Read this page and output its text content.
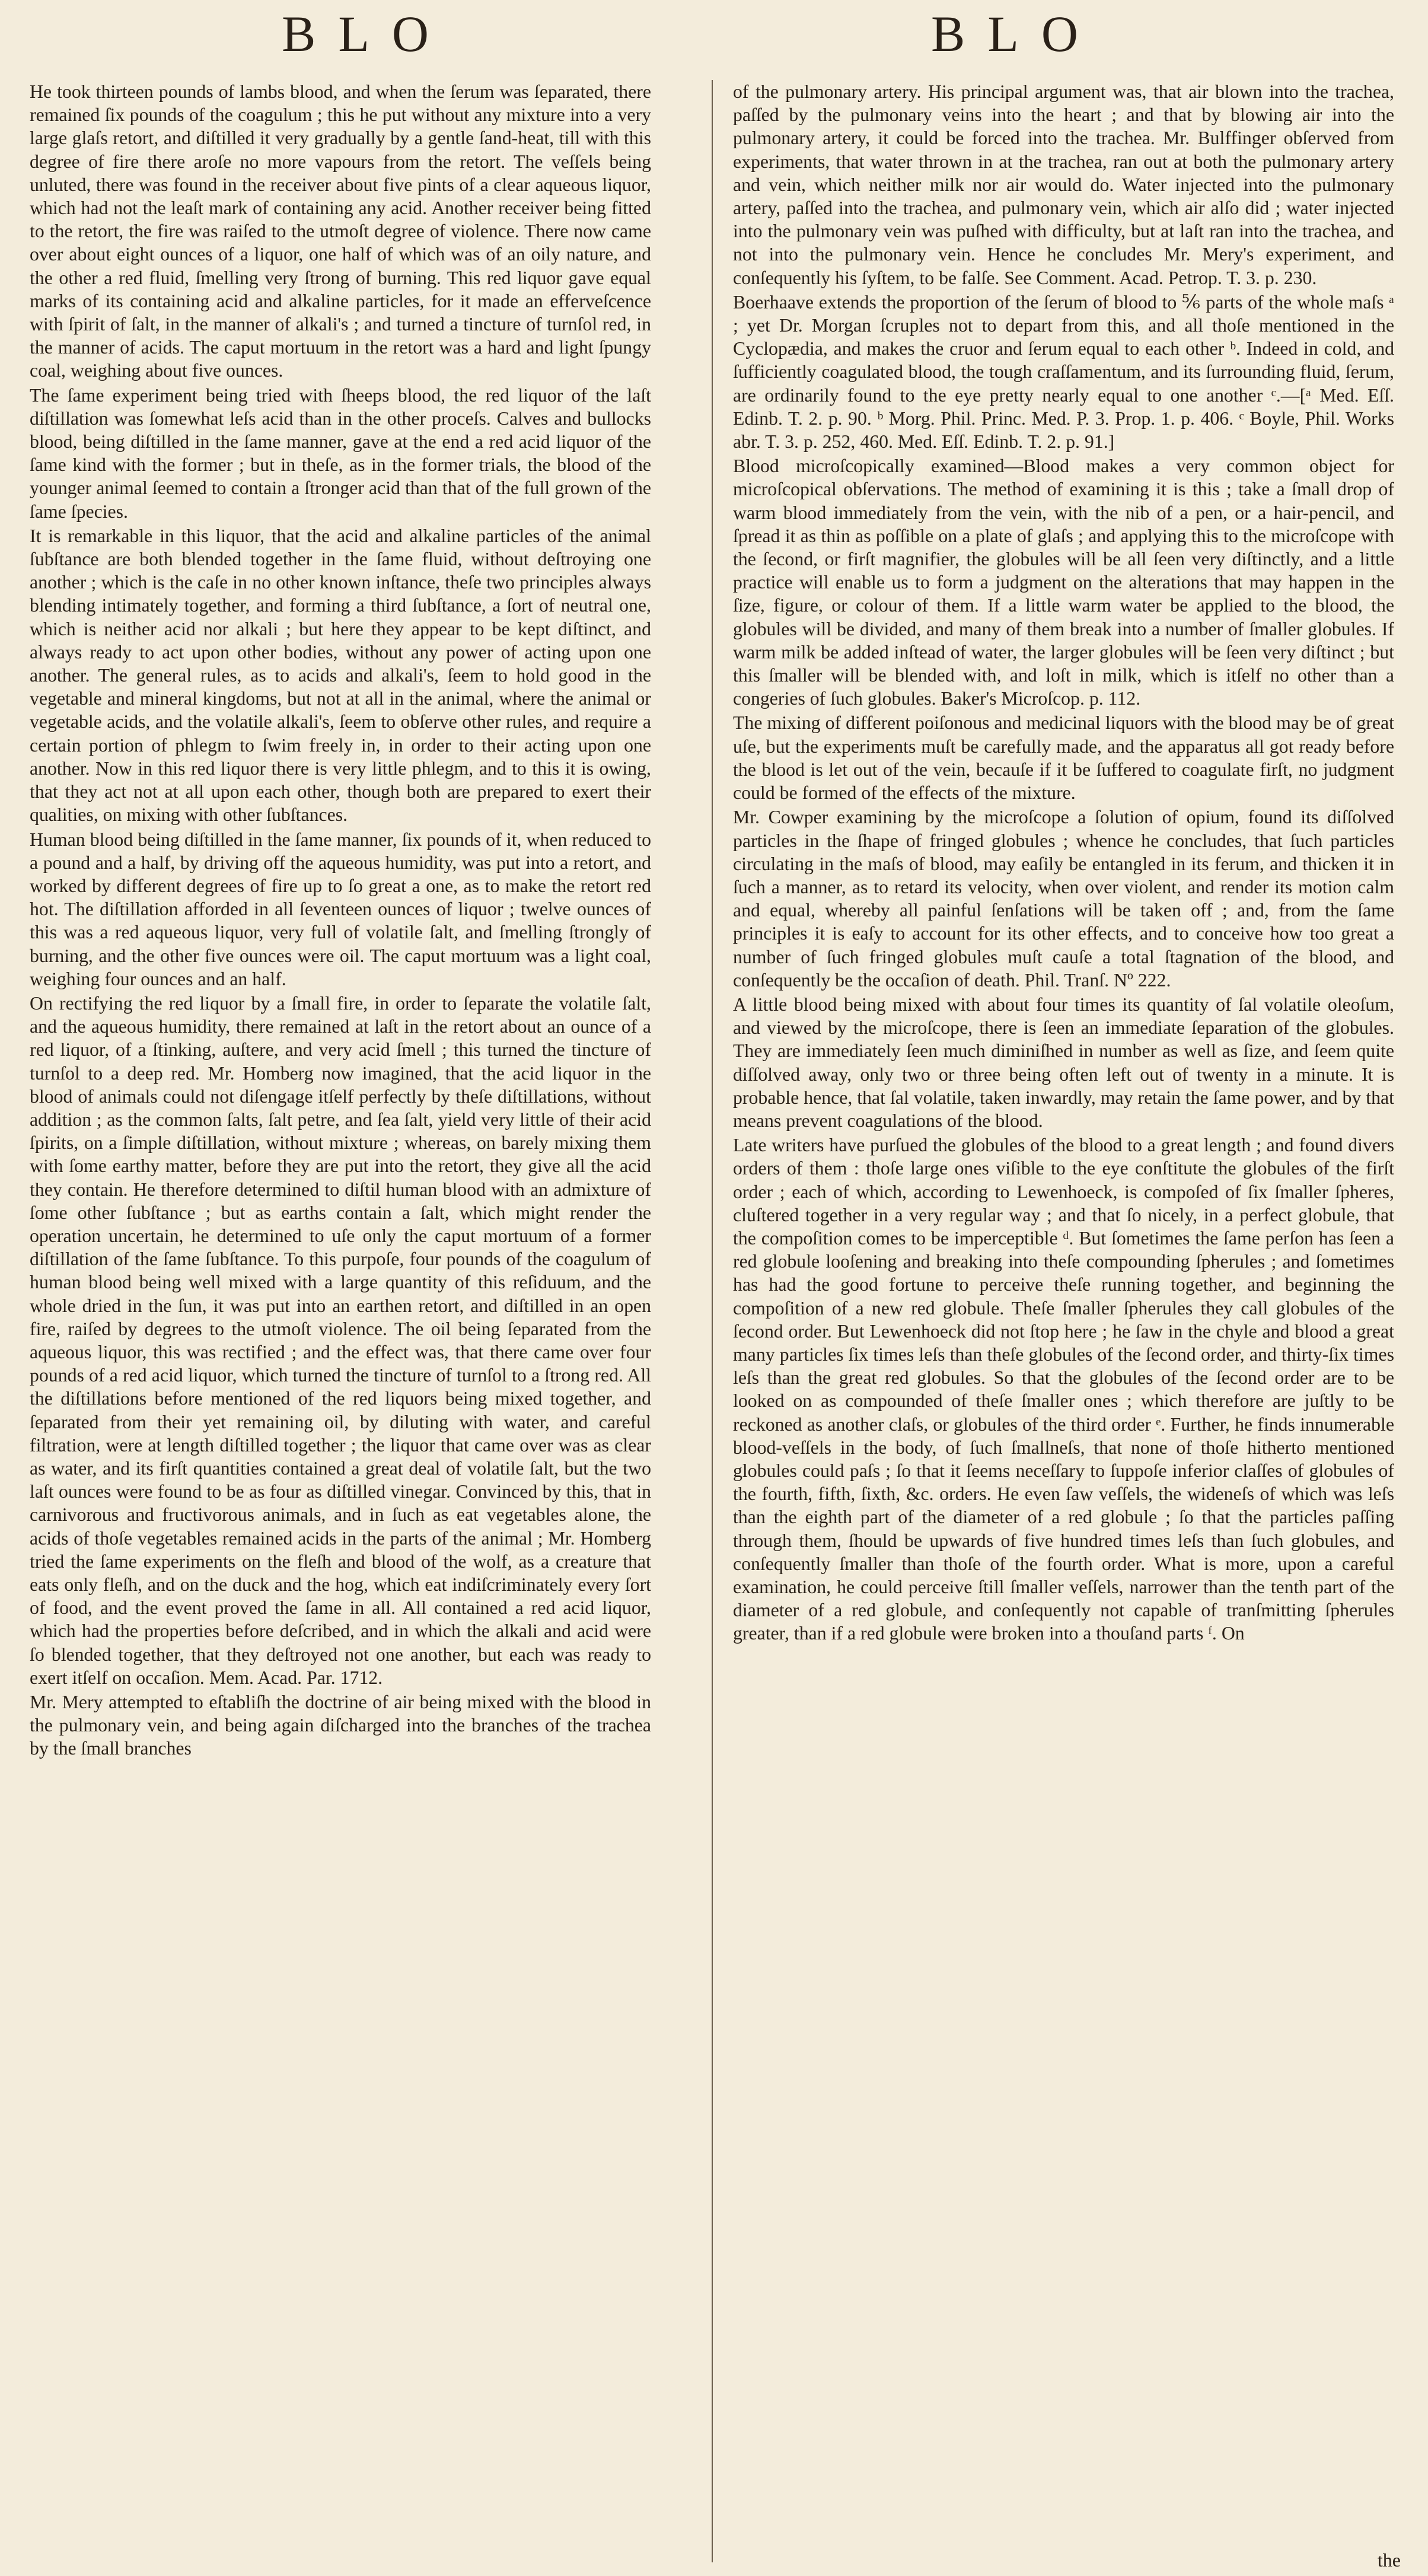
BLO	BLO

He took thirteen pounds of lambs blood, and when the ſerum was ſeparated, there remained ſix pounds of the coagulum ; this he put without any mixture into a very large glaſs retort, and diſtilled it very gradually by a gentle ſand-heat, till with this degree of fire there aroſe no more vapours from the retort. The veſſels being unluted, there was found in the receiver about five pints of a clear aqueous liquor, which had not the leaſt mark of containing any acid. Another receiver being fitted to the retort, the fire was raiſed to the utmoſt degree of violence. There now came over about eight ounces of a liquor, one half of which was of an oily nature, and the other a red fluid, ſmelling very ſtrong of burning. This red liquor gave equal marks of its containing acid and alkaline particles, for it made an effervеſcence with ſpirit of ſalt, in the manner of alkali's ; and turned a tincture of turnſol red, in the manner of acids. The caput mortuum in the retort was a hard and light ſpungy coal, weighing about five ounces.

The ſame experiment being tried with ſheeps blood, the red liquor of the laſt diſtillation was ſomewhat leſs acid than in the other proceſs. Calves and bullocks blood, being diſtilled in the ſame manner, gave at the end a red acid liquor of the ſame kind with the former ; but in theſe, as in the former trials, the blood of the younger animal ſeemed to contain a ſtronger acid than that of the full grown of the ſame ſpecies.

It is remarkable in this liquor, that the acid and alkaline particles of the animal ſubſtance are both blended together in the ſame fluid, without deſtroying one another ; which is the caſe in no other known inſtance, theſe two principles always blending intimately together, and forming a third ſubſtance, a ſort of neutral one, which is neither acid nor alkali ; but here they appear to be kept diſtinct, and always ready to act upon other bodies, without any power of acting upon one another. The general rules, as to acids and alkali's, ſeem to hold good in the vegetable and mineral kingdoms, but not at all in the animal, where the animal or vegetable acids, and the volatile alkali's, ſeem to obſerve other rules, and require a certain portion of phlegm to ſwim freely in, in order to their acting upon one another. Now in this red liquor there is very little phlegm, and to this it is owing, that they act not at all upon each other, though both are prepared to exert their qualities, on mixing with other ſubſtances.

Human blood being diſtilled in the ſame manner, ſix pounds of it, when reduced to a pound and a half, by driving off the aqueous humidity, was put into a retort, and worked by different degrees of fire up to ſo great a one, as to make the retort red hot. The diſtillation afforded in all ſeventeen ounces of liquor ; twelve ounces of this was a red aqueous liquor, very full of volatile ſalt, and ſmelling ſtrongly of burning, and the other five ounces were oil. The caput mortuum was a light coal, weighing four ounces and an half.

On rectifying the red liquor by a ſmall fire, in order to ſeparate the volatile ſalt, and the aqueous humidity, there remained at laſt in the retort about an ounce of a red liquor, of a ſtinking, auſtere, and very acid ſmell ; this turned the tincture of turnſol to a deep red. Mr. Homberg now imagined, that the acid liquor in the blood of animals could not diſengage itſelf perfectly by theſe diſtillations, without addition ; as the common ſalts, ſalt petre, and ſea ſalt, yield very little of their acid ſpirits, on a ſimple diſtillation, without mixture ; whereas, on barely mixing them with ſome earthy matter, before they are put into the retort, they give all the acid they contain. He therefore determined to diſtil human blood with an admixture of ſome other ſubſtance ; but as earths contain a ſalt, which might render the operation uncertain, he determined to uſe only the caput mortuum of a former diſtillation of the ſame ſubſtance. To this purpoſe, four pounds of the coagulum of human blood being well mixed with a large quantity of this reſiduum, and the whole dried in the ſun, it was put into an earthen retort, and diſtilled in an open fire, raiſed by degrees to the utmoſt violence. The oil being ſeparated from the aqueous liquor, this was rectified ; and the effect was, that there came over four pounds of a red acid liquor, which turned the tincture of turnſol to a ſtrong red. All the diſtillations before mentioned of the red liquors being mixed together, and ſeparated from their yet remaining oil, by diluting with water, and careful filtration, were at length diſtilled together ; the liquor that came over was as clear as water, and its firſt quantities contained a great deal of volatile ſalt, but the two laſt ounces were found to be as four as diſtilled vinegar. Convinced by this, that in carnivorous and fructivorous animals, and in ſuch as eat vegetables alone, the acids of thoſe vegetables remained acids in the parts of the animal ; Mr. Homberg tried the ſame experiments on the fleſh and blood of the wolf, as a creature that eats only fleſh, and on the duck and the hog, which eat indiſcriminately every ſort of food, and the event proved the ſame in all. All contained a red acid liquor, which had the properties before deſcribed, and in which the alkali and acid were ſo blended together, that they deſtroyed not one another, but each was ready to exert itſelf on occaſion. Mem. Acad. Par. 1712.

Mr. Mery attempted to eſtabliſh the doctrine of air being mixed with the blood in the pulmonary vein, and being again diſcharged into the branches of the trachea by the ſmall branches

of the pulmonary artery. His principal argument was, that air blown into the trachea, paſſed by the pulmonary veins into the heart ; and that by blowing air into the pulmonary artery, it could be forced into the trachea. Mr. Bulffinger obſerved from experiments, that water thrown in at the trachea, ran out at both the pulmonary artery and vein, which neither milk nor air would do. Water injected into the pulmonary artery, paſſed into the trachea, and pulmonary vein, which air alſo did ; water injected into the pulmonary vein was puſhed with difficulty, but at laſt ran into the trachea, and not into the pulmonary vein. Hence he concludes Mr. Mery's experiment, and conſequently his ſyſtem, to be falſe. See Comment. Acad. Petrop. T. 3. p. 230.

Boerhaave extends the proportion of the ſerum of blood to ⅚ parts of the whole maſs ᵃ ; yet Dr. Morgan ſcruples not to depart from this, and all thoſe mentioned in the Cyclopædia, and makes the cruor and ſerum equal to each other ᵇ. Indeed in cold, and ſufficiently coagulated blood, the tough craſſamentum, and its ſurrounding fluid, ſerum, are ordinarily found to the eye pretty nearly equal to one another ᶜ.—[ᵃ Med. Eſſ. Edinb. T. 2. p. 90. ᵇ Morg. Phil. Princ. Med. P. 3. Prop. 1. p. 406. ᶜ Boyle, Phil. Works abr. T. 3. p. 252, 460. Med. Eſſ. Edinb. T. 2. p. 91.]

Blood microſcopically examined—Blood makes a very common object for microſcopical obſervations. The method of examining it is this ; take a ſmall drop of warm blood immediately from the vein, with the nib of a pen, or a hair-pencil, and ſpread it as thin as poſſible on a plate of glaſs ; and applying this to the microſcope with the ſecond, or firſt magnifier, the globules will be all ſeen very diſtinctly, and a little practice will enable us to form a judgment on the alterations that may happen in the ſize, figure, or colour of them. If a little warm water be applied to the blood, the globules will be divided, and many of them break into a number of ſmaller globules. If warm milk be added inſtead of water, the larger globules will be ſeen very diſtinct ; but this ſmaller will be blended with, and loſt in milk, which is itſelf no other than a congeries of ſuch globules. Baker's Microſcop. p. 112.

The mixing of different poiſonous and medicinal liquors with the blood may be of great uſe, but the experiments muſt be carefully made, and the apparatus all got ready before the blood is let out of the vein, becauſe if it be ſuffered to coagulate firſt, no judgment could be formed of the effects of the mixture.

Mr. Cowper examining by the microſcope a ſolution of opium, found its diſſolved particles in the ſhape of fringed globules ; whence he concludes, that ſuch particles circulating in the maſs of blood, may eaſily be entangled in its ferum, and thicken it in ſuch a manner, as to retard its velocity, when over violent, and render its motion calm and equal, whereby all painful ſenſations will be taken off ; and, from the ſame principles it is eaſy to account for its other effects, and to conceive how too great a number of ſuch fringed globules muſt cauſe a total ſtagnation of the blood, and conſequently be the occaſion of death. Phil. Tranſ. Nº 222.

A little blood being mixed with about four times its quantity of ſal volatile oleoſum, and viewed by the microſcope, there is ſeen an immediate ſeparation of the globules. They are immediately ſeen much diminiſhed in number as well as ſize, and ſeem quite diſſolved away, only two or three being often left out of twenty in a minute. It is probable hence, that ſal volatile, taken inwardly, may retain the ſame power, and by that means prevent coagulations of the blood.

Late writers have purſued the globules of the blood to a great length ; and found divers orders of them : thoſe large ones viſible to the eye conſtitute the globules of the firſt order ; each of which, according to Lewenhoeck, is compoſed of ſix ſmaller ſpheres, cluſtered together in a very regular way ; and that ſo nicely, in a perfect globule, that the compoſition comes to be imperceptible ᵈ. But ſometimes the ſame perſon has ſeen a red globule looſening and breaking into theſe compounding ſpherules ; and ſometimes has had the good fortune to perceive theſe running together, and beginning the compoſition of a new red globule. Theſe ſmaller ſpherules they call globules of the ſecond order. But Lewenhoeck did not ſtop here ; he ſaw in the chyle and blood a great many particles ſix times leſs than theſe globules of the ſecond order, and thirty-ſix times leſs than the great red globules. So that the globules of the ſecond order are to be looked on as compounded of theſe ſmaller ones ; which therefore are juſtly to be reckoned as another claſs, or globules of the third order ᵉ. Further, he finds innumerable blood-veſſels in the body, of ſuch ſmallneſs, that none of thoſe hitherto mentioned globules could paſs ; ſo that it ſeems neceſſary to ſuppoſe inferior claſſes of globules of the fourth, fifth, ſixth, &c. orders. He even ſaw veſſels, the wideneſs of which was leſs than the eighth part of the diameter of a red globule ; ſo that the particles paſſing through them, ſhould be upwards of five hundred times leſs than ſuch globules, and conſequently ſmaller than thoſe of the fourth order. What is more, upon a careful examination, he could perceive ſtill ſmaller veſſels, narrower than the tenth part of the diameter of a red globule, and conſequently not capable of tranſmitting ſpherules greater, than if a red globule were broken into a thouſand parts ᶠ. On

the
